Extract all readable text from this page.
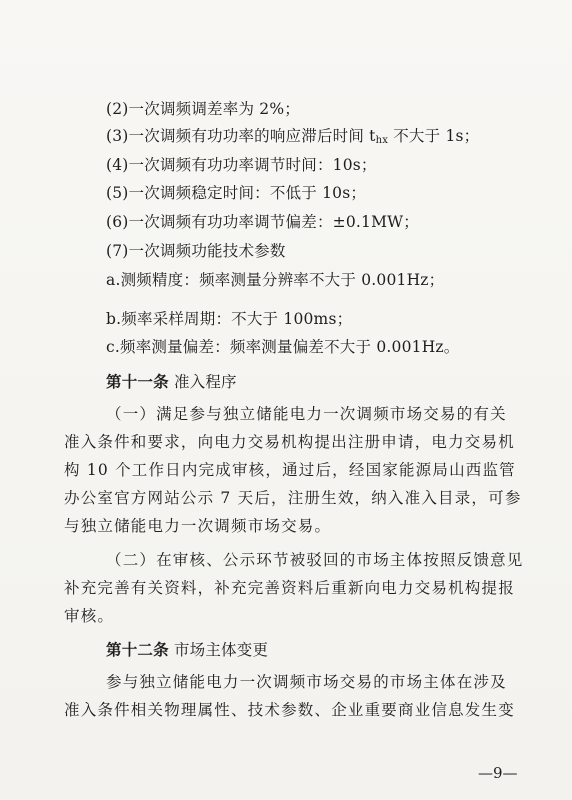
(2)一次调频调差率为 2%；
(3)一次调频有功功率的响应滞后时间 $t_{hx}$ 不大于 1s；
(4)一次调频有功功率调节时间：10s；
(5)一次调频稳定时间：不低于 10s；
(6)一次调频有功功率调节偏差：±0.1MW；
(7)一次调频功能技术参数
a.测频精度：频率测量分辨率不大于 0.001Hz；
b.频率采样周期：不大于 100ms；
c.频率测量偏差：频率测量偏差不大于 0.001Hz。
第十一条 准入程序
（一）满足参与独立储能电力一次调频市场交易的有关
准入条件和要求，向电力交易机构提出注册申请，电力交易机
构 10 个工作日内完成审核，通过后，经国家能源局山西监管
办公室官方网站公示 7 天后，注册生效，纳入准入目录，可参
与独立储能电力一次调频市场交易。
（二）在审核、公示环节被驳回的市场主体按照反馈意见
补充完善有关资料，补充完善资料后重新向电力交易机构提报
审核。
第十二条 市场主体变更
参与独立储能电力一次调频市场交易的市场主体在涉及
准入条件相关物理属性、技术参数、企业重要商业信息发生变
—9—
